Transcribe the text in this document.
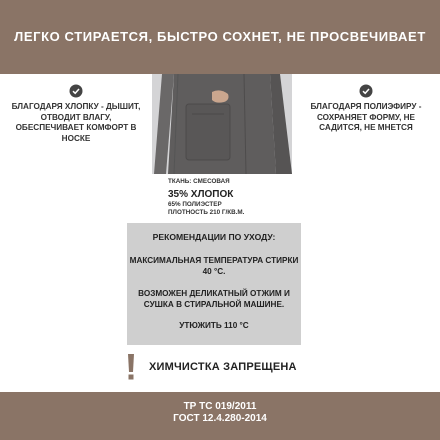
ЛЕГКО СТИРАЕТСЯ, БЫСТРО СОХНЕТ, НЕ ПРОСВЕЧИВАЕТ
БЛАГОДАРЯ ХЛОПКУ - ДЫШИТ, ОТВОДИТ ВЛАГУ, ОБЕСПЕЧИВАЕТ КОМФОРТ В НОСКЕ
БЛАГОДАРЯ ПОЛИЭФИРУ - СОХРАНЯЕТ ФОРМУ, НЕ САДИТСЯ, НЕ МНЕТСЯ
ТКАНЬ: СМЕСОВАЯ
35% ХЛОПОК
65% ПОЛИЭСТЕР
ПЛОТНОСТЬ 210 Г/КВ.М.
РЕКОМЕНДАЦИИ ПО УХОДУ:
МАКСИМАЛЬНАЯ ТЕМПЕРАТУРА СТИРКИ 40 °С.
ВОЗМОЖЕН ДЕЛИКАТНЫЙ ОТЖИМ И СУШКА В СТИРАЛЬНОЙ МАШИНЕ.
УТЮЖИТЬ 110 °С
ХИМЧИСТКА ЗАПРЕЩЕНА
ТР ТС 019/2011
ГОСТ 12.4.280-2014
